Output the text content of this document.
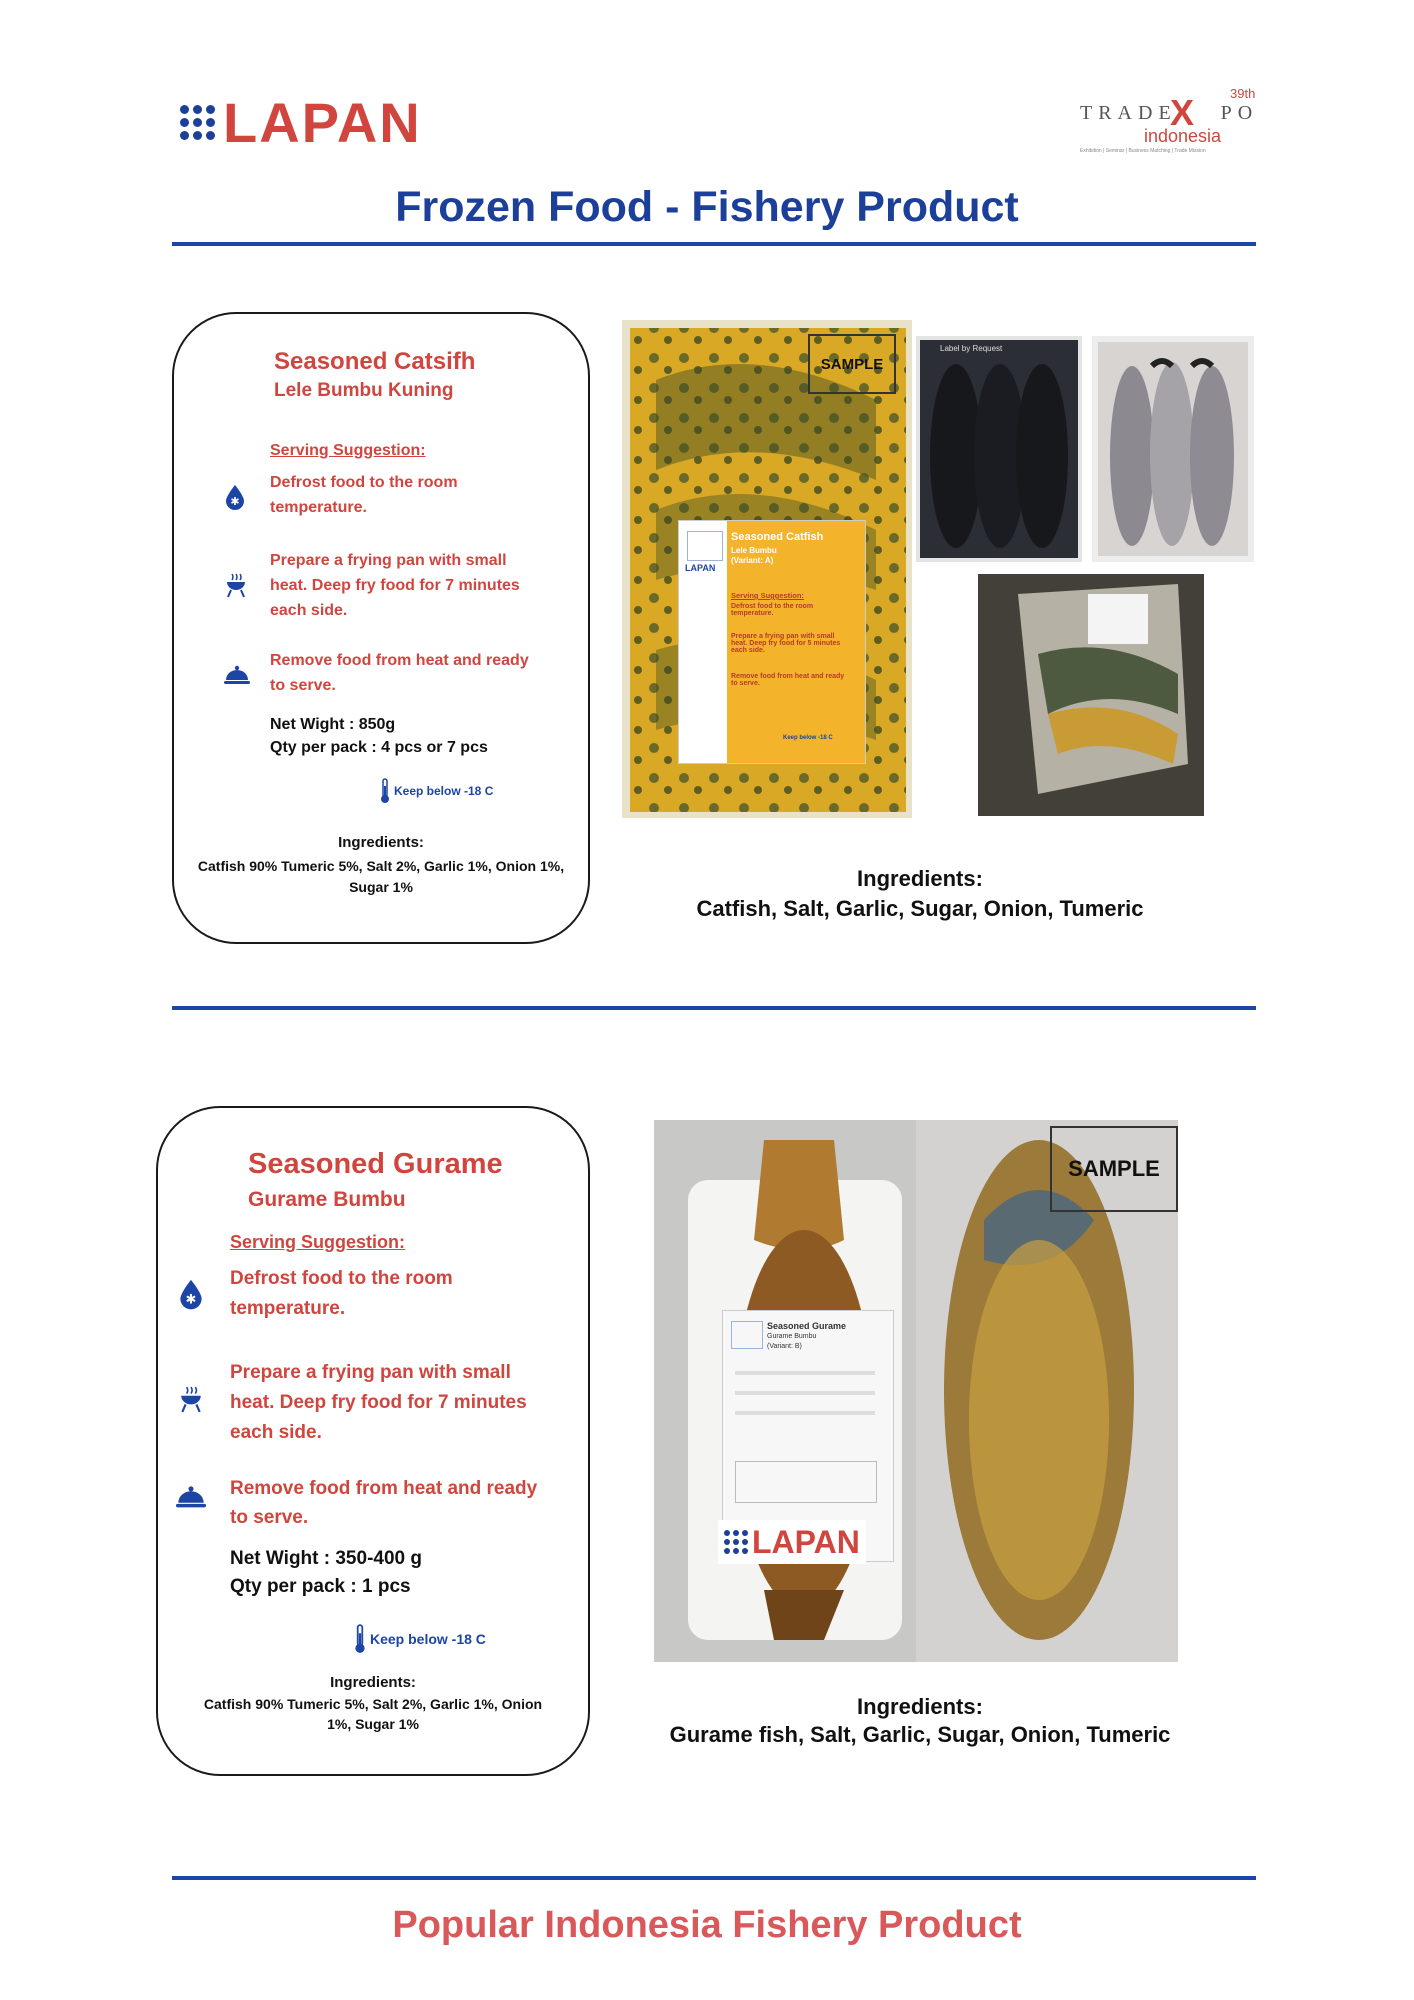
LAPAN	TRADE PO
X	39th
indonesia
Exhibition | Seminar | Business Matching | Trade Mission
Frozen Food - Fishery Product
Seasoned Catsifh
Lele Bumbu Kuning
Serving Suggestion:
✱
Defrost food to the room temperature.
Prepare a frying pan with small heat. Deep fry food for 7 minutes each side.
Remove food from heat and ready to serve.
Net Wight : 850g
Qty per pack : 4 pcs or 7 pcs
Keep below -18 C
Ingredients:
Catfish 90% Tumeric 5%, Salt 2%, Garlic 1%, Onion 1%, Sugar 1%
SAMPLE
LAPAN
Seasoned Catfish
Lele Bumbu
(Variant: A)
Serving Suggestion:
Defrost food to the room temperature.
Prepare a frying pan with small heat. Deep fry food for 5 minutes each side.
Remove food from heat and ready to serve.
Keep below -18 C
Label by Request
Ingredients:
Catfish, Salt, Garlic, Sugar, Onion, Tumeric
Seasoned Gurame
Gurame Bumbu
Serving Suggestion:
✱
Defrost food to the room temperature.
Prepare a frying pan with small heat. Deep fry food for 7 minutes each side.
Remove food from heat and ready to serve.
Net Wight : 350-400 g
Qty per pack : 1 pcs
Keep below -18 C
Ingredients:
Catfish 90% Tumeric 5%, Salt 2%, Garlic 1%, Onion 1%, Sugar 1%
SAMPLE
Seasoned Gurame
Gurame Bumbu
(Variant: B)
LAPAN
Ingredients:
Gurame fish, Salt, Garlic, Sugar, Onion, Tumeric
Popular Indonesia Fishery Product
